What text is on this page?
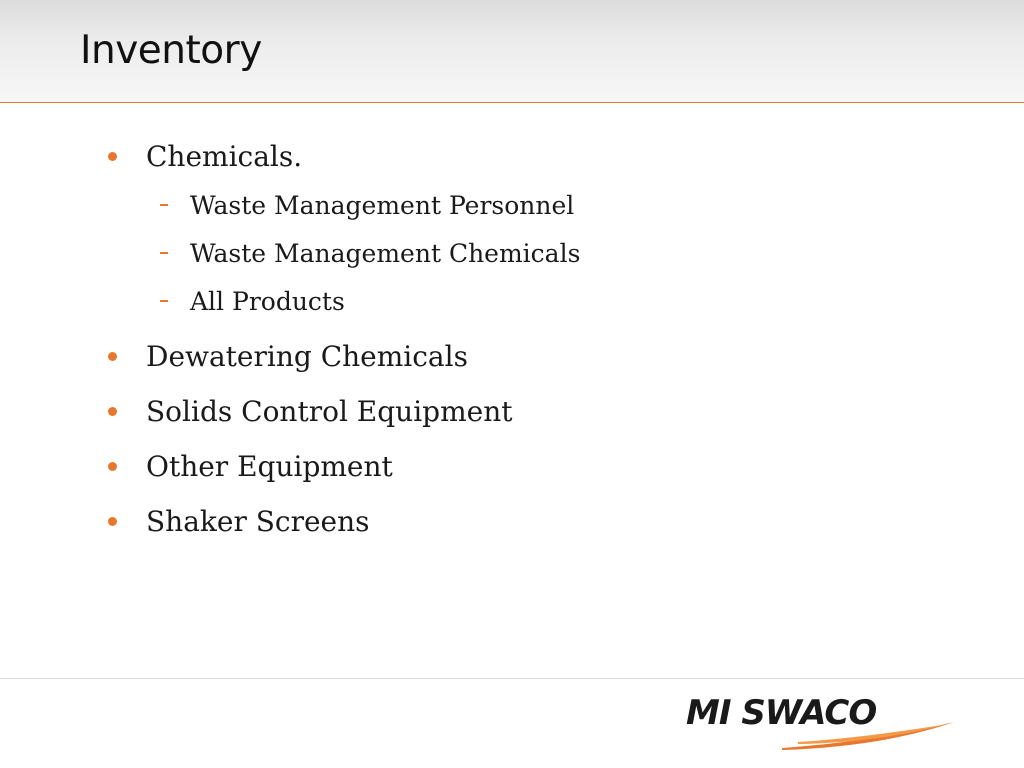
Inventory
Chemicals.
Waste Management Personnel
Waste Management Chemicals
All Products
Dewatering Chemicals
Solids Control Equipment
Other Equipment
Shaker Screens
MI SWACO
